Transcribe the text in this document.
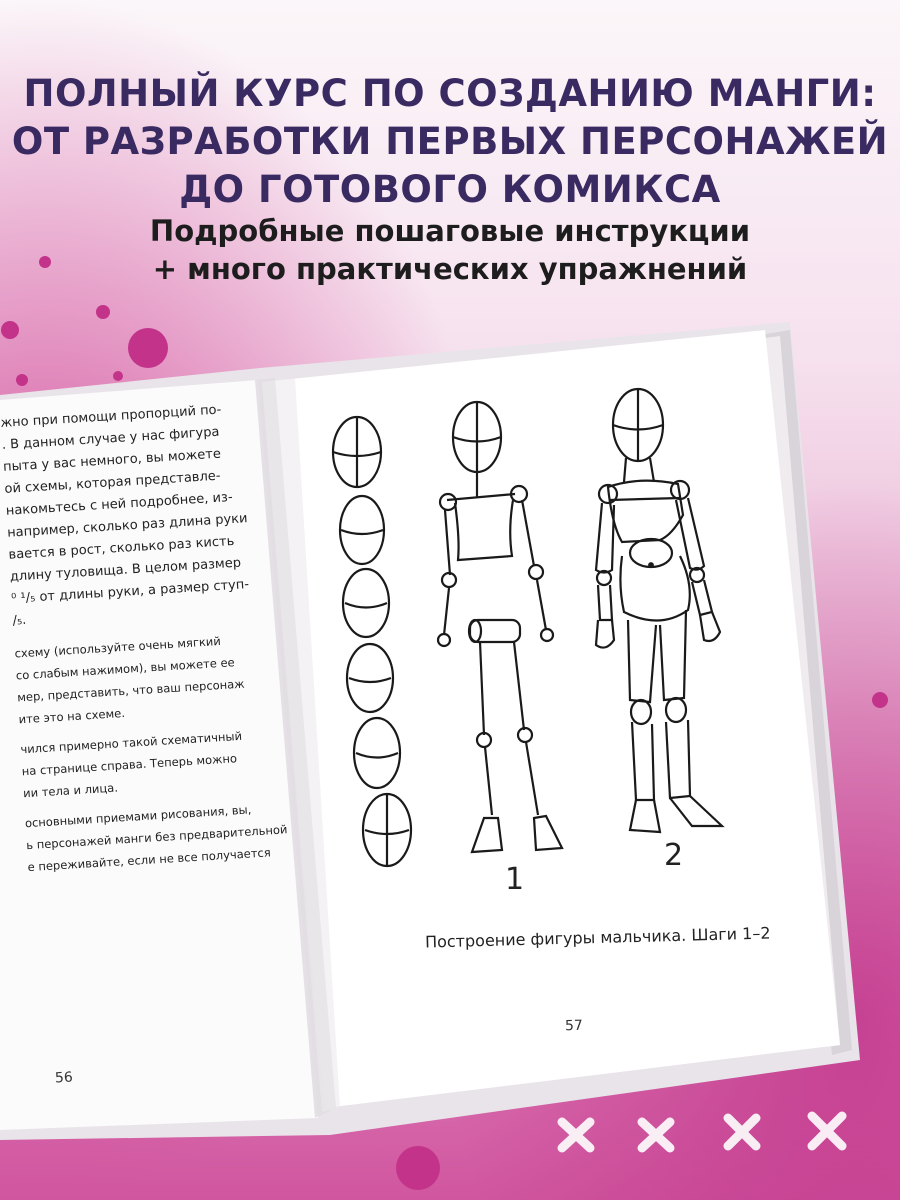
ПОЛНЫЙ КУРС ПО СОЗДАНИЮ МАНГИ:
ОТ РАЗРАБОТКИ ПЕРВЫХ ПЕРСОНАЖЕЙ
ДО ГОТОВОГО КОМИКСА
Подробные пошаговые инструкции
+ много практических упражнений
жно при помощи пропорций по-
. В данном случае у нас фигура
пыта у вас немного, вы можете
ой схемы, которая представле-
накомьтесь с ней подробнее, из-
например, сколько раз длина руки
вается в рост, сколько раз кисть
длину туловища. В целом размер
⁰ ¹/₅ от длины руки, а размер ступ-
/₅.
схему (используйте очень мягкий
со слабым нажимом), вы можете ее
мер, представить, что ваш персонаж
ите это на схеме.
чился примерно такой схематичный
на странице справа. Теперь можно
ии тела и лица.
основными приемами рисования, вы,
ь персонажей манги без предварительной
е переживайте, если не все получается
56
1
2
Построение фигуры мальчика. Шаги 1–2
57
